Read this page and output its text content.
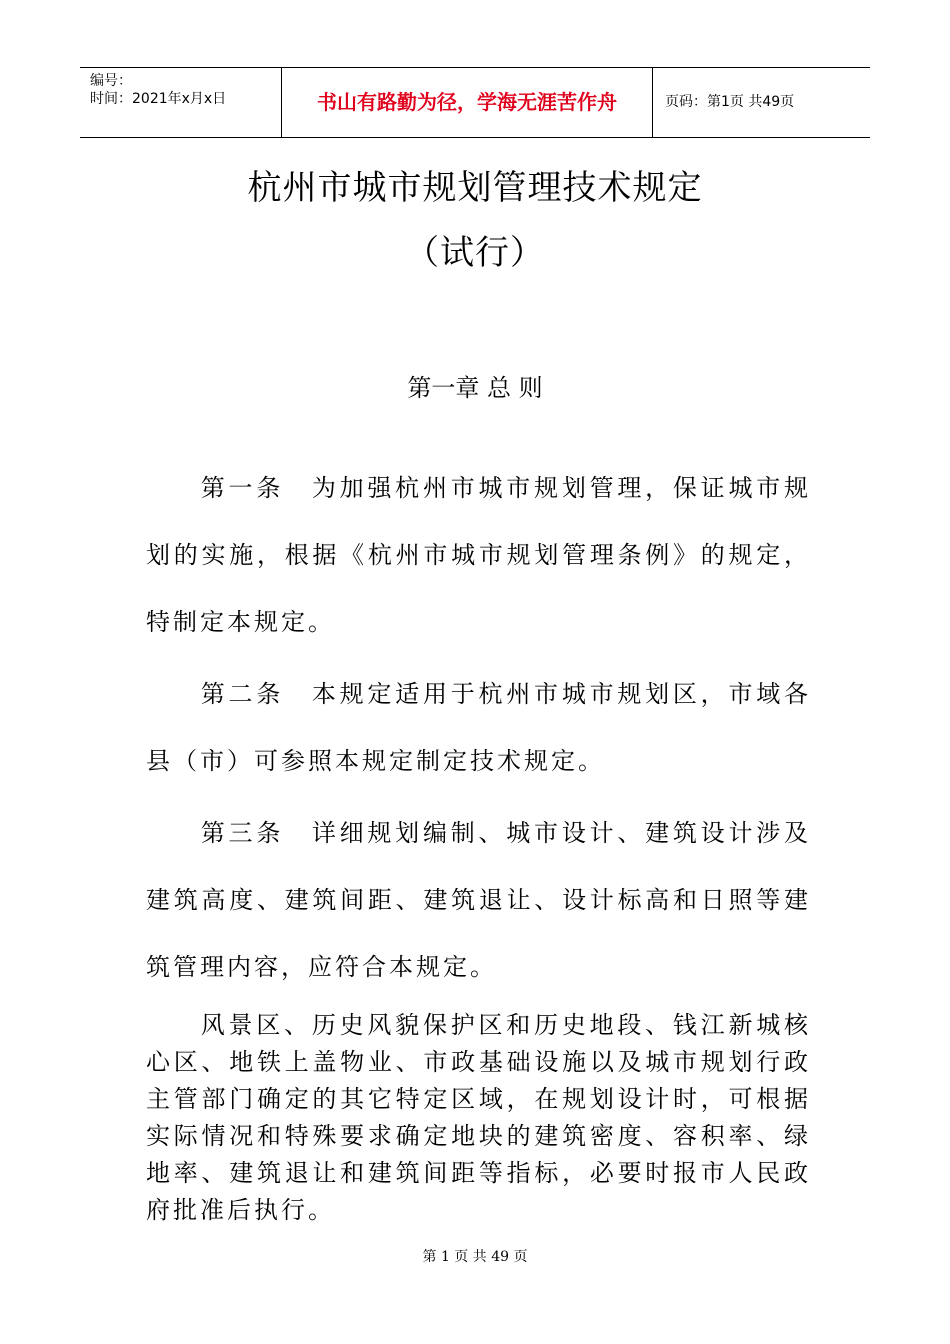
编号：
时间：2021年x月x日	书山有路勤为径，学海无涯苦作舟	页码：第1页 共49页
杭州市城市规划管理技术规定
（试行）
第一章 总 则
第一条　为加强杭州市城市规划管理，保证城市规划的实施，根据《杭州市城市规划管理条例》的规定，特制定本规定。
第二条　本规定适用于杭州市城市规划区，市域各县（市）可参照本规定制定技术规定。
第三条　详细规划编制、城市设计、建筑设计涉及建筑高度、建筑间距、建筑退让、设计标高和日照等建筑管理内容，应符合本规定。
风景区、历史风貌保护区和历史地段、钱江新城核心区、地铁上盖物业、市政基础设施以及城市规划行政主管部门确定的其它特定区域，在规划设计时，可根据实际情况和特殊要求确定地块的建筑密度、容积率、绿地率、建筑退让和建筑间距等指标，必要时报市人民政府批准后执行。
第 1 页 共 49 页
